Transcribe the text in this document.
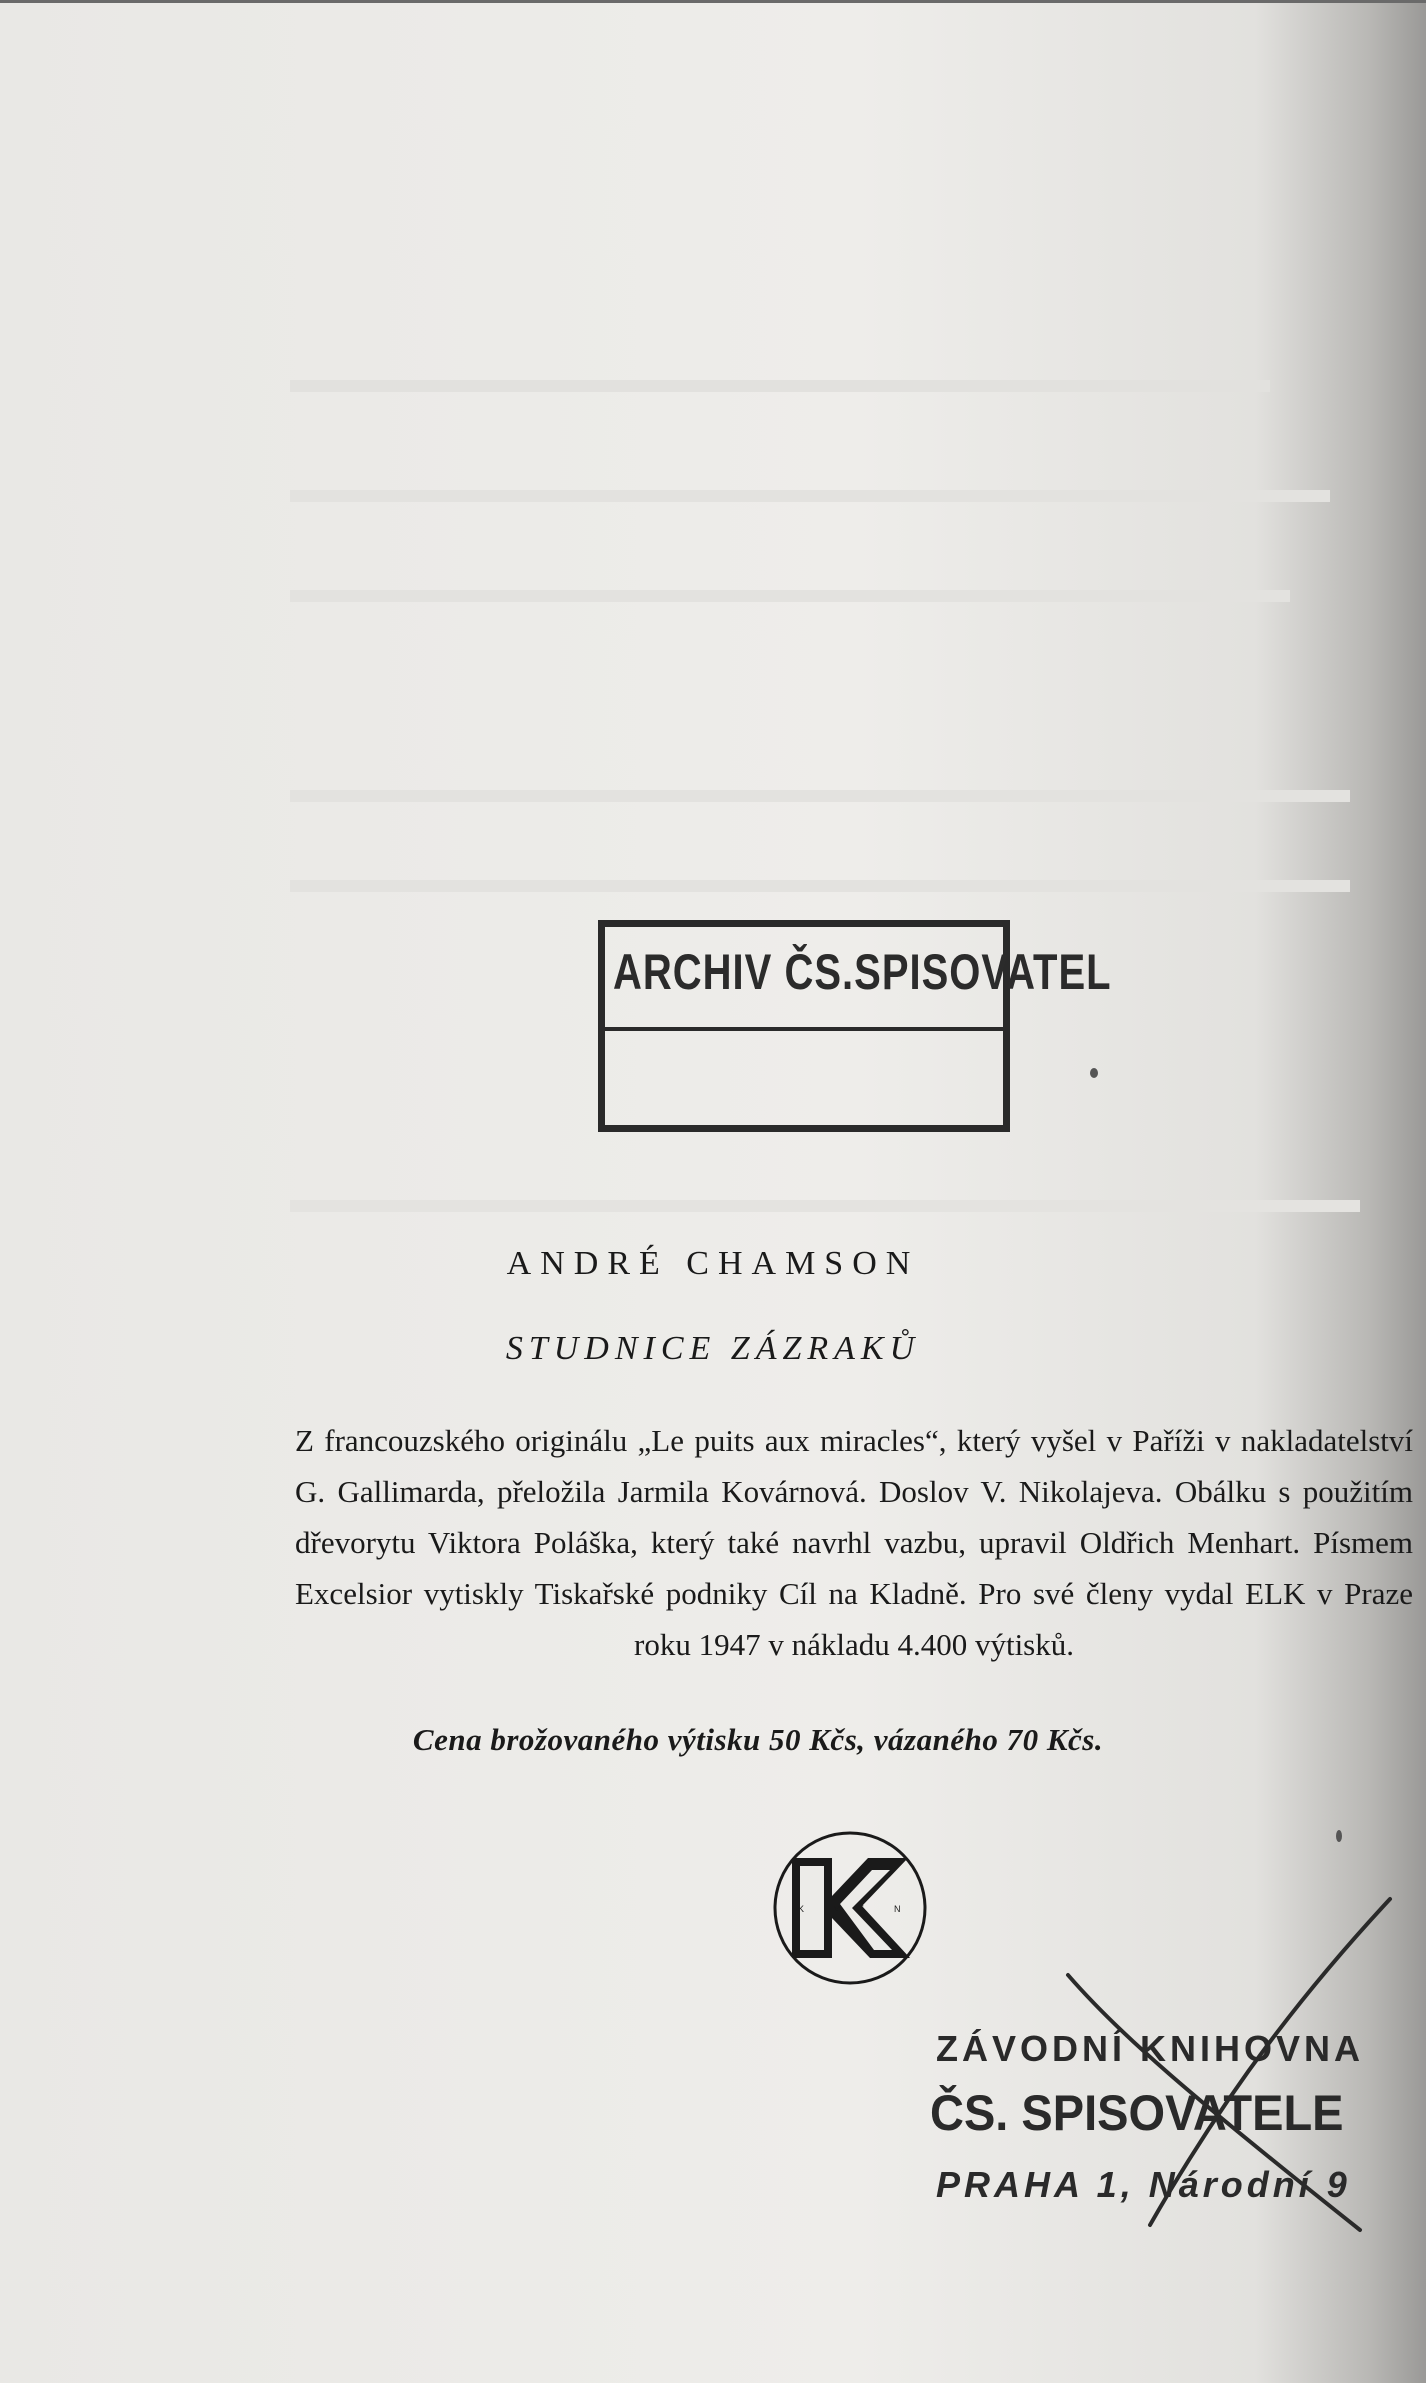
ARCHIV ČS.SPISOVATEL
ANDRÉ CHAMSON
STUDNICE ZÁZRAKŮ
Z francouzského originálu „Le puits aux miracles“, který vyšel v Paříži v nakladatelství G. Gallimarda, přeložila Jarmila Kovárnová. Doslov V. Nikolajeva. Obálku s použitím dřevorytu Viktora Poláška, který také navrhl vazbu, upravil Oldřich Menhart. Písmem Excelsior vytiskly Tiskařské podniky Cíl na Kladně. Pro své členy vydal ELK v Praze roku 1947 v nákladu 4.400 výtisků.
Cena brožovaného výtisku 50 Kčs, vázaného 70 Kčs.
K	M E	N
ZÁVODNÍ KNIHOVNA
ČS. SPISOVATELE
PRAHA 1, Národní 9
